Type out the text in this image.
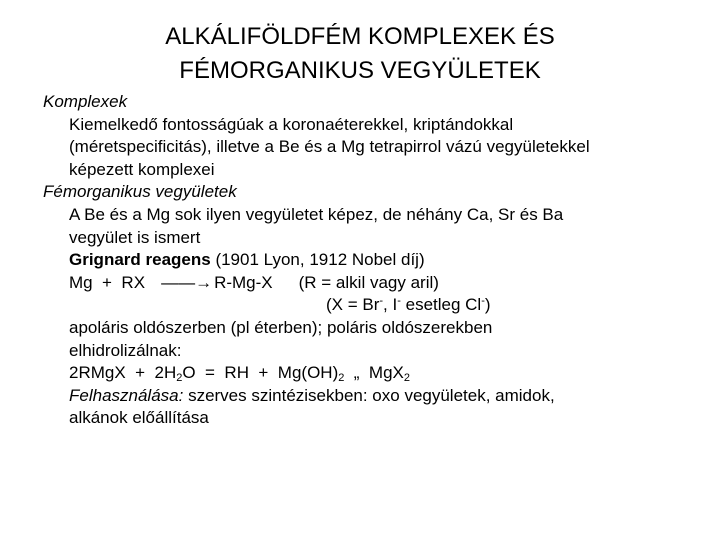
ALKÁLIFÖLDFÉM KOMPLEXEK ÉS
FÉMORGANIKUS VEGYÜLETEK
Komplexek
Kiemelkedő fontosságúak a koronaéterekkel, kriptándokkal
(méretspecificitás), illetve a Be és a Mg tetrapirrol vázú vegyületekkel
képezett komplexei
Fémorganikus vegyületek
A Be és a Mg sok ilyen vegyületet képez, de néhány Ca, Sr és Ba
vegyület is ismert
Grignard reagens (1901 Lyon, 1912 Nobel díj)
Mg  +  RX ——→ R-Mg-X (R = alkil vagy aril)
(X = Br-, I- esetleg Cl-)
apoláris oldószerben (pl éterben); poláris oldószerekben
elhidrolizálnak:
2RMgX  +  $2H_2O$  =  RH  +  $Mg(OH)_2$  „  MgX$_2$
Felhasználása: szerves szintézisekben: oxo vegyületek, amidok,
alkánok előállítása
